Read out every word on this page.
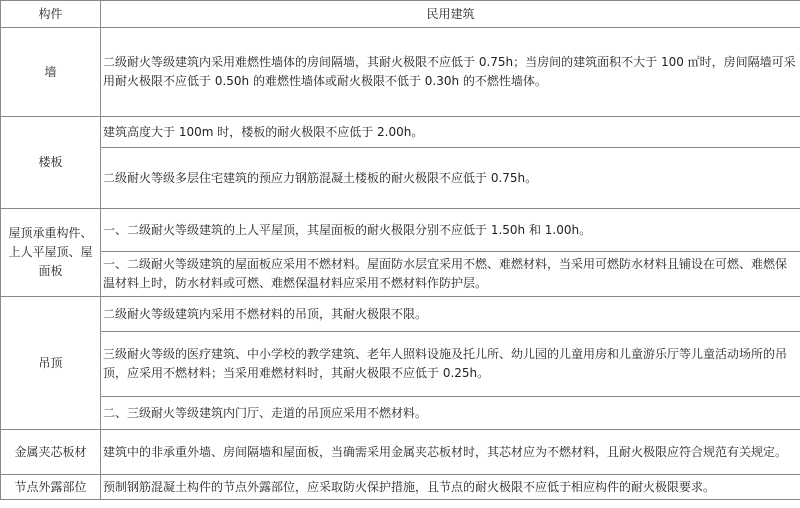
构件	民用建筑
墙	二级耐火等级建筑内采用难燃性墙体的房间隔墙，其耐火极限不应低于 0.75h；当房间的建筑面积不大于 100 ㎡时，房间隔墙可采用耐火极限不应低于 0.50h 的难燃性墙体或耐火极限不低于 0.30h 的不燃性墙体。
楼板	建筑高度大于 100m 时，楼板的耐火极限不应低于 2.00h。
	二级耐火等级多层住宅建筑的预应力钢筋混凝土楼板的耐火极限不应低于 0.75h。
屋顶承重构件、上人平屋顶、屋面板	一、二级耐火等级建筑的上人平屋顶，其屋面板的耐火极限分别不应低于 1.50h 和 1.00h。
	一、二级耐火等级建筑的屋面板应采用不燃材料。屋面防水层宜采用不燃、难燃材料，当采用可燃防水材料且铺设在可燃、难燃保温材料上时，防水材料或可燃、难燃保温材料应采用不燃材料作防护层。
吊顶	二级耐火等级建筑内采用不燃材料的吊顶，其耐火极限不限。
	三级耐火等级的医疗建筑、中小学校的教学建筑、老年人照料设施及托儿所、幼儿园的儿童用房和儿童游乐厅等儿童活动场所的吊顶，应采用不燃材料；当采用难燃材料时，其耐火极限不应低于 0.25h。
	二、三级耐火等级建筑内门厅、走道的吊顶应采用不燃材料。
金属夹芯板材	建筑中的非承重外墙、房间隔墙和屋面板，当确需采用金属夹芯板材时，其芯材应为不燃材料，且耐火极限应符合规范有关规定。
节点外露部位	预制钢筋混凝土构件的节点外露部位，应采取防火保护措施，且节点的耐火极限不应低于相应构件的耐火极限要求。
